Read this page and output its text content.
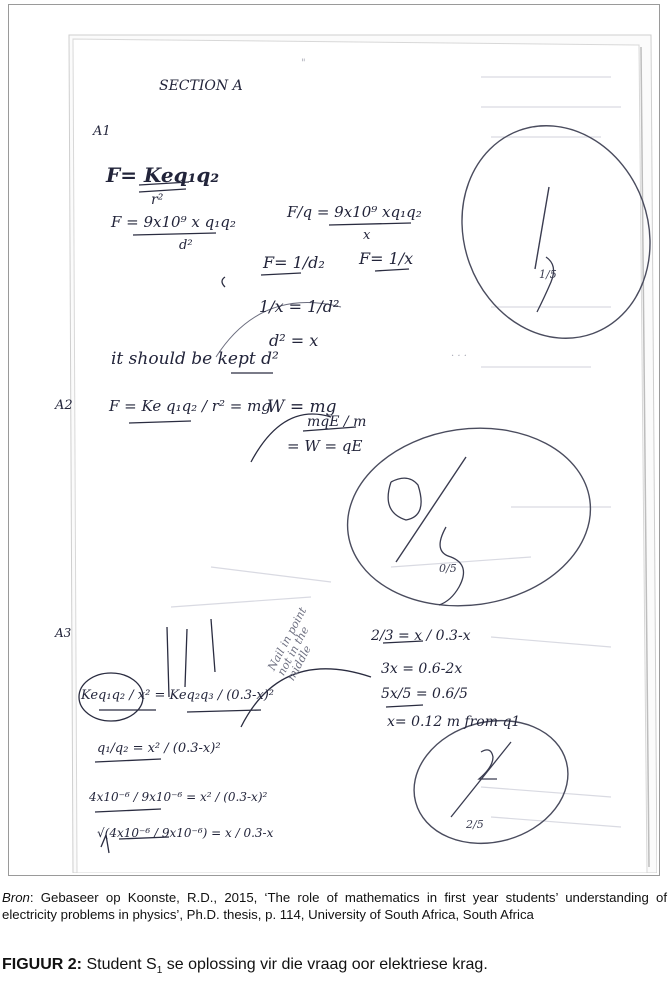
SECTION A
"
A1
F= Keq₁q₂
r²
F = 9x10⁹ x q₁q₂
d²
F/q = 9x10⁹ xq₁q₂
x
F= 1/d₂ F= 1/x
1/x = 1/d²
d² = x
it should be kept d²	· · ·
A2 F = Ke q₁q₂ / r² = mg
W = mg
mqE / m
= W = qE
A3
Keq₁q₂ / x² = Keq₂q₃ / (0.3-x)²
q₁/q₂ = x² / (0.3-x)²
4x10⁻⁶ / 9x10⁻⁶ = x² / (0.3-x)²
√(4x10⁻⁶ / 9x10⁻⁶) = x / 0.3-x
2/3 = x / 0.3-x
3x = 0.6-2x
5x/5 = 0.6/5
x= 0.12 m from q1
Nail in point
not in the
middle
1/5
0/5
2/5
Bron: Gebaseer op Koonste, R.D., 2015, ‘The role of mathematics in first year students’ understanding of electricity problems in physics’, Ph.D. thesis, p. 114, University of South Africa, South Africa
FIGUUR 2: Student $S_1$ se oplossing vir die vraag oor elektriese krag.
